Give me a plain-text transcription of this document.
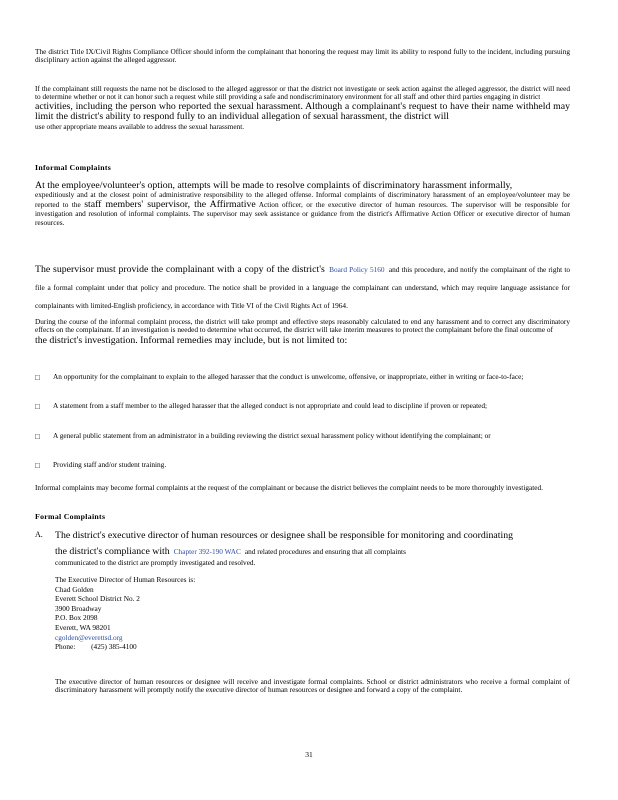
The district Title IX/Civil Rights Compliance Officer should inform the complainant that honoring the request may limit its ability to respond fully to the incident, including pursuing disciplinary action against the alleged aggressor.

If the complainant still requests the name not be disclosed to the alleged aggressor or that the district not investigate or seek action against the alleged aggressor, the district will need to determine whether or not it can honor such a request while still providing a safe and nondiscriminatory environment for all staff and other third parties engaging in district
activities, including the person who reported the sexual harassment. Although a complainant's request to have their name withheld may limit the district's ability to respond fully to an individual allegation of sexual harassment, the district will
use other appropriate means available to address the sexual harassment.
Informal Complaints
At the employee/volunteer's option, attempts will be made to resolve complaints of discriminatory harassment informally,
expeditiously and at the closest point of administrative responsibility to the alleged offense. Informal complaints of discriminatory harassment of an employee/volunteer may be reported to the staff members' supervisor, the Affirmative Action officer, or the executive director of human resources. The supervisor will be responsible for investigation and resolution of informal complaints. The supervisor may seek assistance or guidance from the district's Affirmative Action Officer or executive director of human resources.
The supervisor must provide the complainant with a copy of the district's Board Policy 5160 and this procedure, and notify the complainant of the right to file a formal complaint under that policy and procedure. The notice shall be provided in a language the complainant can understand, which may require language assistance for complainants with limited-English proficiency, in accordance with Title VI of the Civil Rights Act of 1964.
During the course of the informal complaint process, the district will take prompt and effective steps reasonably calculated to end any harassment and to correct any discriminatory effects on the complainant. If an investigation is needed to determine what occurred, the district will take interim measures to protect the complainant before the final outcome of
the district's investigation. Informal remedies may include, but is not limited to:
□	An opportunity for the complainant to explain to the alleged harasser that the conduct is unwelcome, offensive, or inappropriate, either in writing or face-to-face;
□	A statement from a staff member to the alleged harasser that the alleged conduct is not appropriate and could lead to discipline if proven or repeated;
□	A general public statement from an administrator in a building reviewing the district sexual harassment policy without identifying the complainant; or
□	Providing staff and/or student training.

Informal complaints may become formal complaints at the request of the complainant or because the district believes the complaint needs to be more thoroughly investigated.

Formal Complaints
A.	The district's executive director of human resources or designee shall be responsible for monitoring and coordinating
the district's compliance with Chapter 392-190 WAC and related procedures and ensuring that all complaints
communicated to the district are promptly investigated and resolved.
The Executive Director of Human Resources is:
Chad Golden
Everett School District No. 2
3900 Broadway
P.O. Box 2098
Everett, WA 98201
cgolden@everettsd.org
Phone: (425) 385-4100

The executive director of human resources or designee will receive and investigate formal complaints. School or district administrators who receive a formal complaint of discriminatory harassment will promptly notify the executive director of human resources or designee and forward a copy of the complaint.

31
